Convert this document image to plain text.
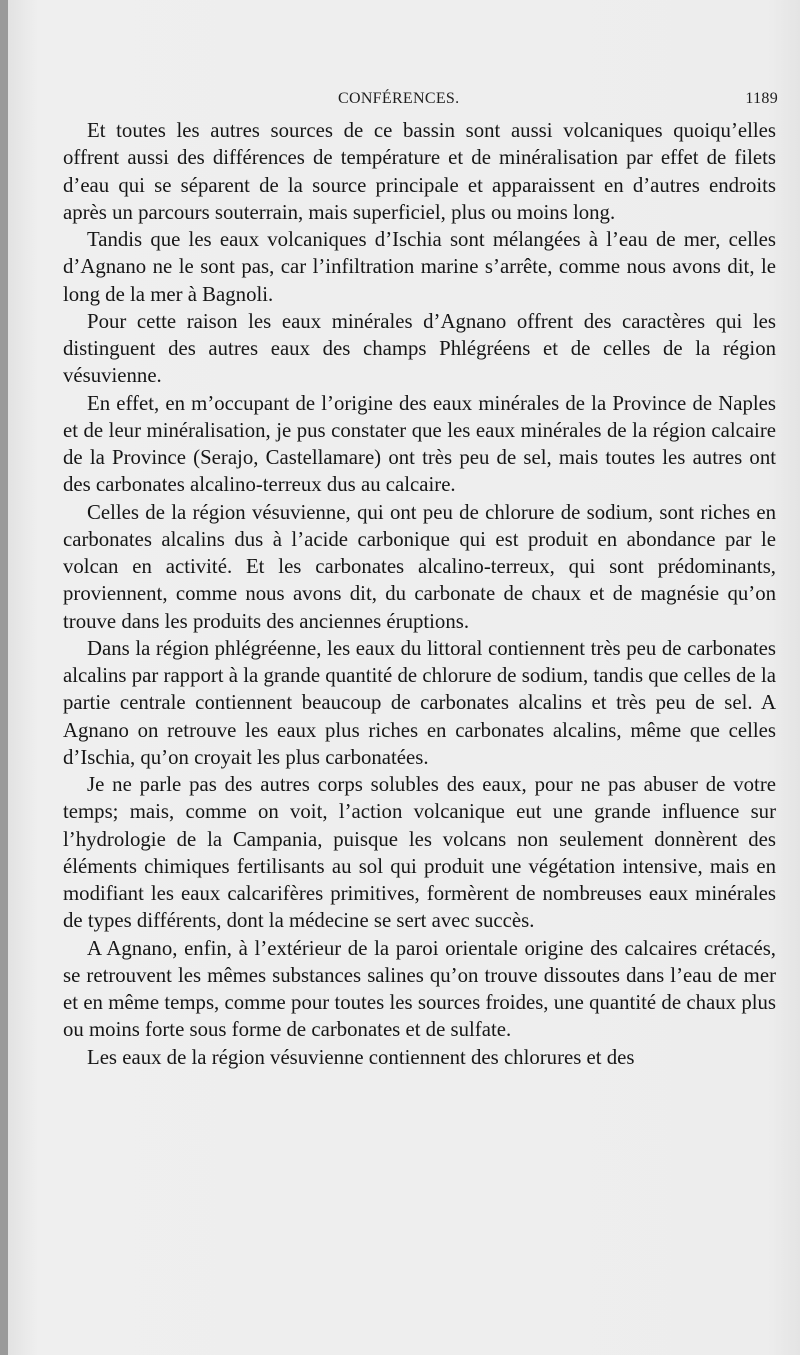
CONFÉRENCES.	1189

Et toutes les autres sources de ce bassin sont aussi volcaniques quoiqu’elles offrent aussi des différences de température et de minéralisation par effet de filets d’eau qui se séparent de la source principale et apparaissent en d’autres endroits après un parcours souterrain, mais superficiel, plus ou moins long.

Tandis que les eaux volcaniques d’Ischia sont mélangées à l’eau de mer, celles d’Agnano ne le sont pas, car l’infiltration marine s’arrête, comme nous avons dit, le long de la mer à Bagnoli.

Pour cette raison les eaux minérales d’Agnano offrent des caractères qui les distinguent des autres eaux des champs Phlégréens et de celles de la région vésuvienne.

En effet, en m’occupant de l’origine des eaux minérales de la Province de Naples et de leur minéralisation, je pus constater que les eaux minérales de la région calcaire de la Province (Serajo, Castellamare) ont très peu de sel, mais toutes les autres ont des carbonates alcalino-terreux dus au calcaire.

Celles de la région vésuvienne, qui ont peu de chlorure de sodium, sont riches en carbonates alcalins dus à l’acide carbonique qui est produit en abondance par le volcan en activité. Et les carbonates alcalino-terreux, qui sont prédominants, proviennent, comme nous avons dit, du carbonate de chaux et de magnésie qu’on trouve dans les produits des anciennes éruptions.

Dans la région phlégréenne, les eaux du littoral contiennent très peu de carbonates alcalins par rapport à la grande quantité de chlorure de sodium, tandis que celles de la partie centrale contiennent beaucoup de carbonates alcalins et très peu de sel. A Agnano on retrouve les eaux plus riches en carbonates alcalins, même que celles d’Ischia, qu’on croyait les plus carbonatées.

Je ne parle pas des autres corps solubles des eaux, pour ne pas abuser de votre temps; mais, comme on voit, l’action volcanique eut une grande influence sur l’hydrologie de la Campania, puisque les volcans non seulement donnèrent des éléments chimiques fertilisants au sol qui produit une végétation intensive, mais en modifiant les eaux calcarifères primitives, formèrent de nombreuses eaux minérales de types différents, dont la médecine se sert avec succès.

A Agnano, enfin, à l’extérieur de la paroi orientale origine des calcaires crétacés, se retrouvent les mêmes substances salines qu’on trouve dissoutes dans l’eau de mer et en même temps, comme pour toutes les sources froides, une quantité de chaux plus ou moins forte sous forme de carbonates et de sulfate.

Les eaux de la région vésuvienne contiennent des chlorures et des
